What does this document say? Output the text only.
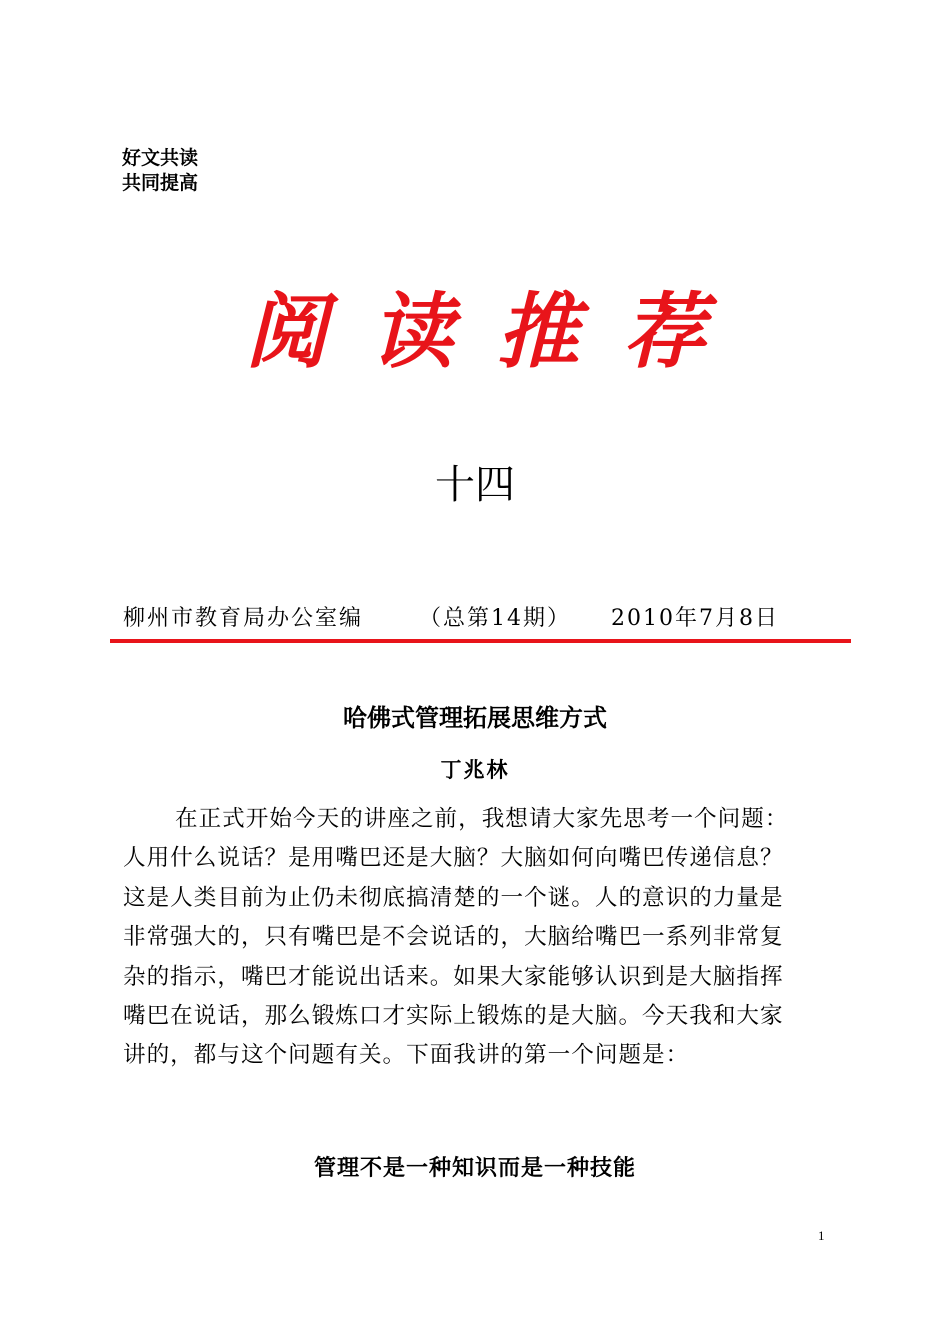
好文共读
共同提高
阅读推荐
十四
柳州市教育局办公室编	（总第14期） 2010年7月8日
哈佛式管理拓展思维方式
丁兆林
在正式开始今天的讲座之前，我想请大家先思考一个问题：
人用什么说话？是用嘴巴还是大脑？大脑如何向嘴巴传递信息？
这是人类目前为止仍未彻底搞清楚的一个谜。人的意识的力量是
非常强大的，只有嘴巴是不会说话的，大脑给嘴巴一系列非常复
杂的指示，嘴巴才能说出话来。如果大家能够认识到是大脑指挥
嘴巴在说话，那么锻炼口才实际上锻炼的是大脑。今天我和大家
讲的，都与这个问题有关。下面我讲的第一个问题是：
管理不是一种知识而是一种技能
1
